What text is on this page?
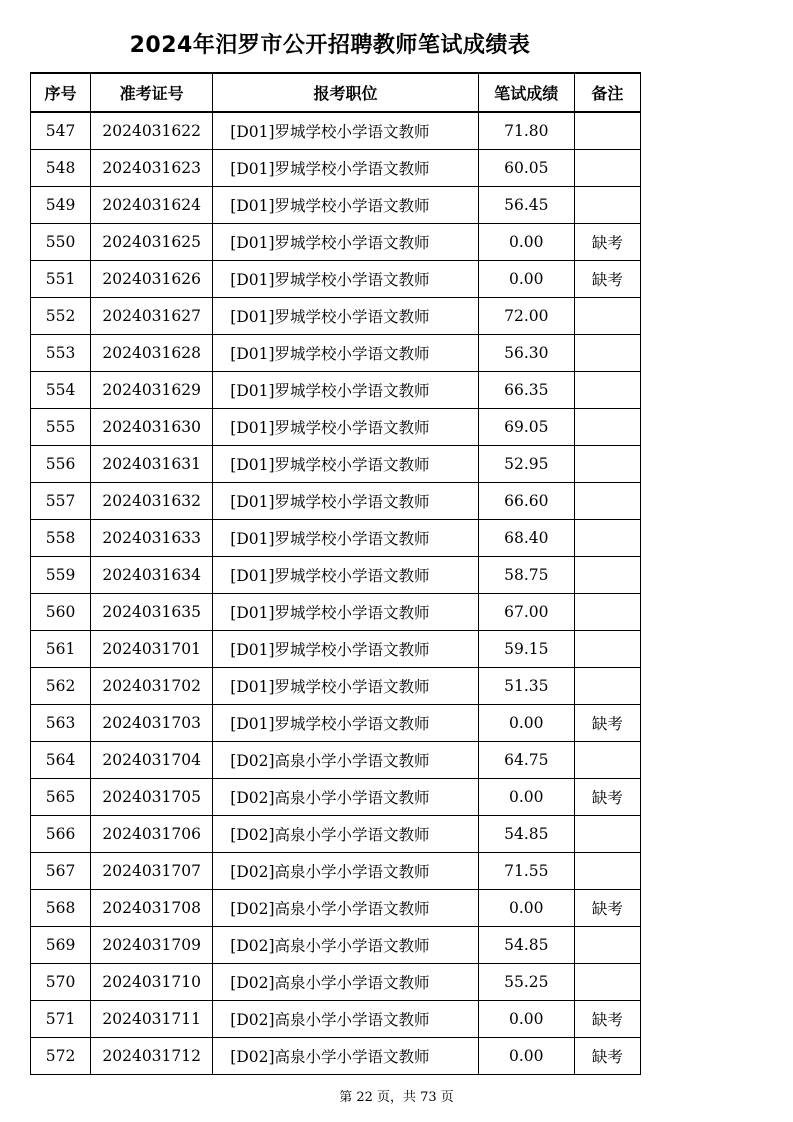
2024年汨罗市公开招聘教师笔试成绩表
序号	准考证号	报考职位	笔试成绩	备注
547	2024031622	[D01]罗城学校小学语文教师	71.80	
548	2024031623	[D01]罗城学校小学语文教师	60.05	
549	2024031624	[D01]罗城学校小学语文教师	56.45	
550	2024031625	[D01]罗城学校小学语文教师	0.00	缺考
551	2024031626	[D01]罗城学校小学语文教师	0.00	缺考
552	2024031627	[D01]罗城学校小学语文教师	72.00	
553	2024031628	[D01]罗城学校小学语文教师	56.30	
554	2024031629	[D01]罗城学校小学语文教师	66.35	
555	2024031630	[D01]罗城学校小学语文教师	69.05	
556	2024031631	[D01]罗城学校小学语文教师	52.95	
557	2024031632	[D01]罗城学校小学语文教师	66.60	
558	2024031633	[D01]罗城学校小学语文教师	68.40	
559	2024031634	[D01]罗城学校小学语文教师	58.75	
560	2024031635	[D01]罗城学校小学语文教师	67.00	
561	2024031701	[D01]罗城学校小学语文教师	59.15	
562	2024031702	[D01]罗城学校小学语文教师	51.35	
563	2024031703	[D01]罗城学校小学语文教师	0.00	缺考
564	2024031704	[D02]高泉小学小学语文教师	64.75	
565	2024031705	[D02]高泉小学小学语文教师	0.00	缺考
566	2024031706	[D02]高泉小学小学语文教师	54.85	
567	2024031707	[D02]高泉小学小学语文教师	71.55	
568	2024031708	[D02]高泉小学小学语文教师	0.00	缺考
569	2024031709	[D02]高泉小学小学语文教师	54.85	
570	2024031710	[D02]高泉小学小学语文教师	55.25	
571	2024031711	[D02]高泉小学小学语文教师	0.00	缺考
572	2024031712	[D02]高泉小学小学语文教师	0.00	缺考
第 22 页，共 73 页
